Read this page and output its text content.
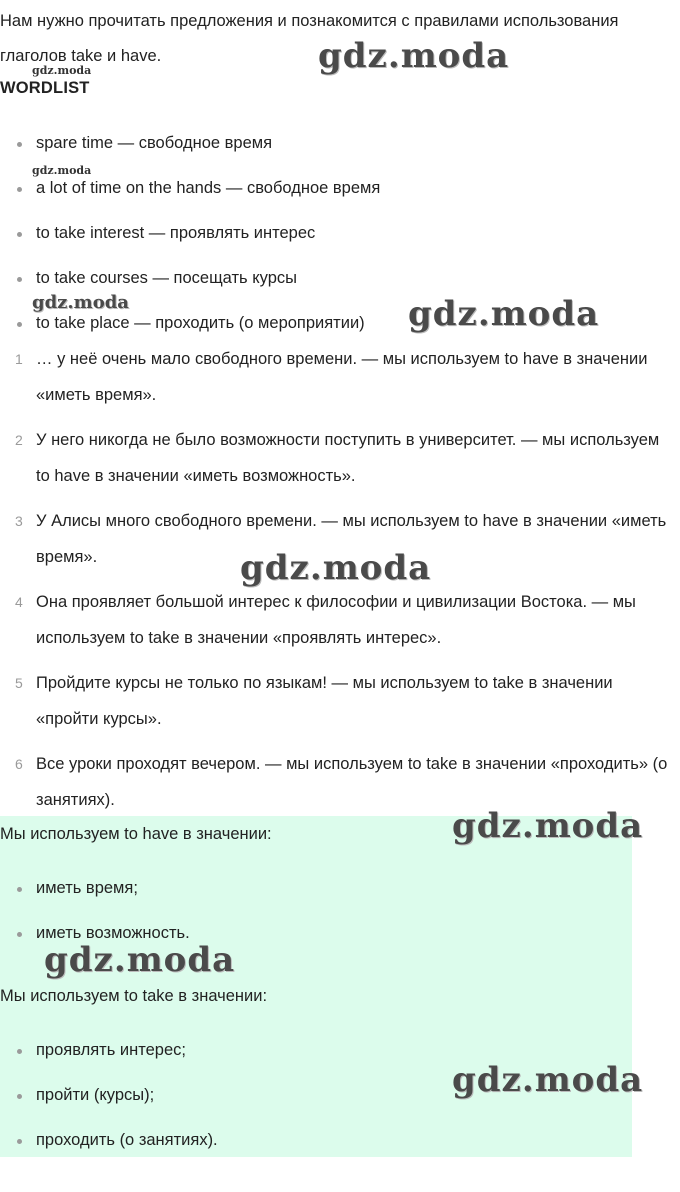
Нам нужно прочитать предложения и познакомится с правилами использования глаголов take и have.
WORDLIST
spare time — свободное время
a lot of time on the hands — свободное время
to take interest — проявлять интерес
to take courses — посещать курсы
to take place — проходить (о мероприятии)
1 … у неё очень мало свободного времени. — мы используем to have в значении «иметь время».
2 У него никогда не было возможности поступить в университет. — мы используем to have в значении «иметь возможность».
3 У Алисы много свободного времени. — мы используем to have в значении «иметь время».
4 Она проявляет большой интерес к философии и цивилизации Востока. — мы используем to take в значении «проявлять интерес».
5 Пройдите курсы не только по языкам! — мы используем to take в значении «пройти курсы».
6 Все уроки проходят вечером. — мы используем to take в значении «проходить» (о занятиях).
Мы используем to have в значении:
иметь время;
иметь возможность.
Мы используем to take в значении:
проявлять интерес;
пройти (курсы);
проходить (о занятиях).
gdz.moda
gdz.moda
gdz.moda
gdz.moda	gdz.moda
gdz.moda
gdz.moda
gdz.moda
gdz.moda
